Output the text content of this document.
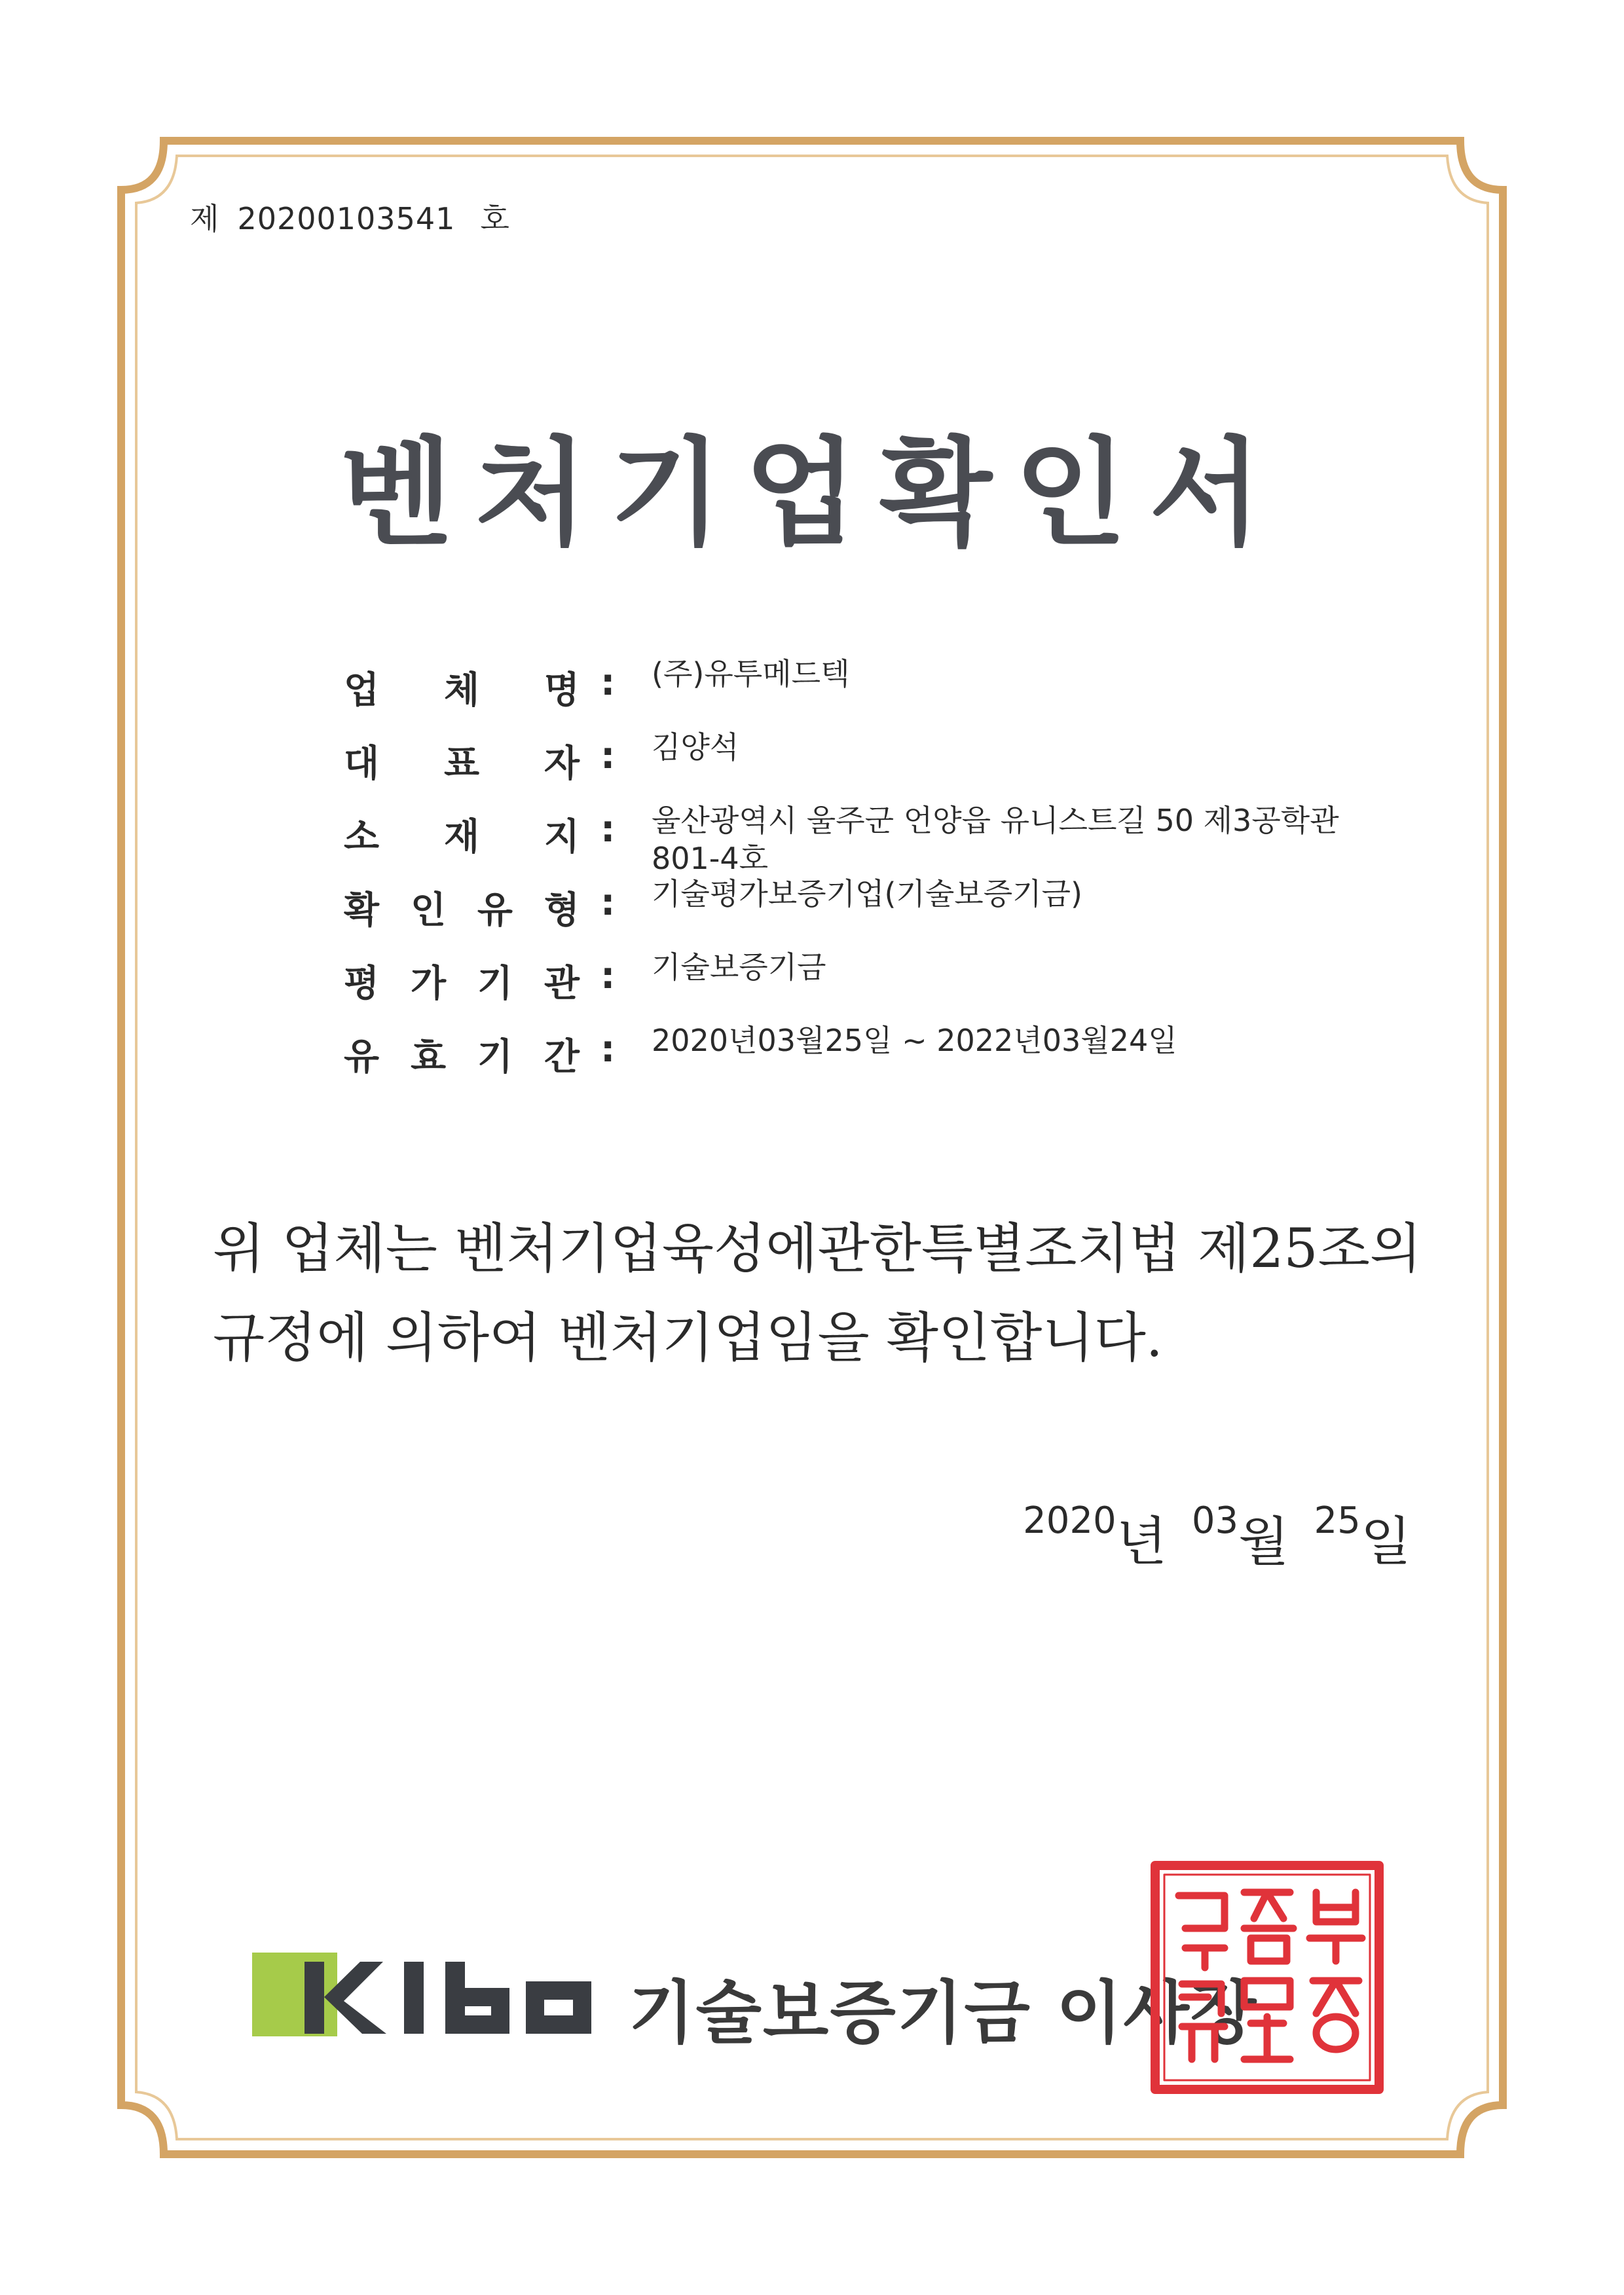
제 20200103541 호
벤처기업확인서
업 체 명 : (주)유투메드텍
대 표 자 : 김양석
소 재 지 : 울산광역시 울주군 언양읍 유니스트길 50 제3공학관 801-4호
확 인 유 형 : 기술평가보증기업(기술보증기금)
평 가 기 관 : 기술보증기금
유 효 기 간 : 2020년03월25일 ~ 2022년03월24일
위 업체는 벤처기업육성에관한특별조치법 제25조의
규정에 의하여 벤처기업임을 확인합니다.
2020년 03월 25일
기술보증기금 이사장
